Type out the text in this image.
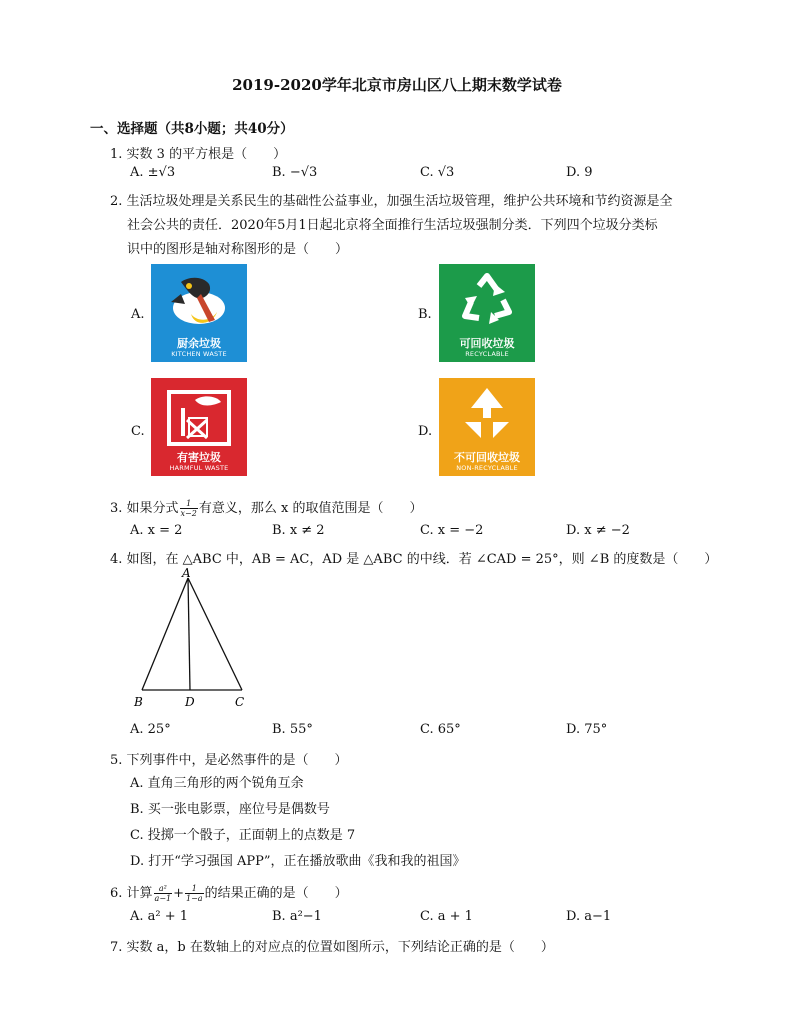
2019-2020学年北京市房山区八上期末数学试卷
一、选择题（共8小题；共40分）
1. 实数 3 的平方根是（　　）
A. ±√3	B. −√3	C. √3	D. 9
2. 生活垃圾处理是关系民生的基础性公益事业，加强生活垃圾管理，维护公共环境和节约资源是全
社会公共的责任．2020年5月1日起北京将全面推行生活垃圾强制分类．下列四个垃圾分类标
识中的图形是轴对称图形的是（　　）
A.	B.
C.	D.
厨余垃圾
KITCHEN WASTE
可回收垃圾
RECYCLABLE
有害垃圾
HARMFUL WASTE
不可回收垃圾
NON-RECYCLABLE
3. 如果分式 $\frac{1}{x-2}$ 有意义，那么 x 的取值范围是（　　）
A. x = 2	B. x ≠ 2	C. x = −2	D. x ≠ −2
4. 如图，在 △ABC 中，AB = AC，AD 是 △ABC 的中线．若 ∠CAD = 25°，则 ∠B 的度数是（　　）
A
B	D	C
A. 25°	B. 55°	C. 65°	D. 75°
5. 下列事件中，是必然事件的是（　　）
A. 直角三角形的两个锐角互余
B. 买一张电影票，座位号是偶数号
C. 投掷一个骰子，正面朝上的点数是 7
D. 打开“学习强国 APP”，正在播放歌曲《我和我的祖国》
6. 计算 $\frac{\text{a²}}{a-1} + \frac{1}{1-a}$ 的结果正确的是（　　）
A. a² + 1	B. a²−1	C. a + 1	D. a−1
7. 实数 a，b 在数轴上的对应点的位置如图所示，下列结论正确的是（　　）
